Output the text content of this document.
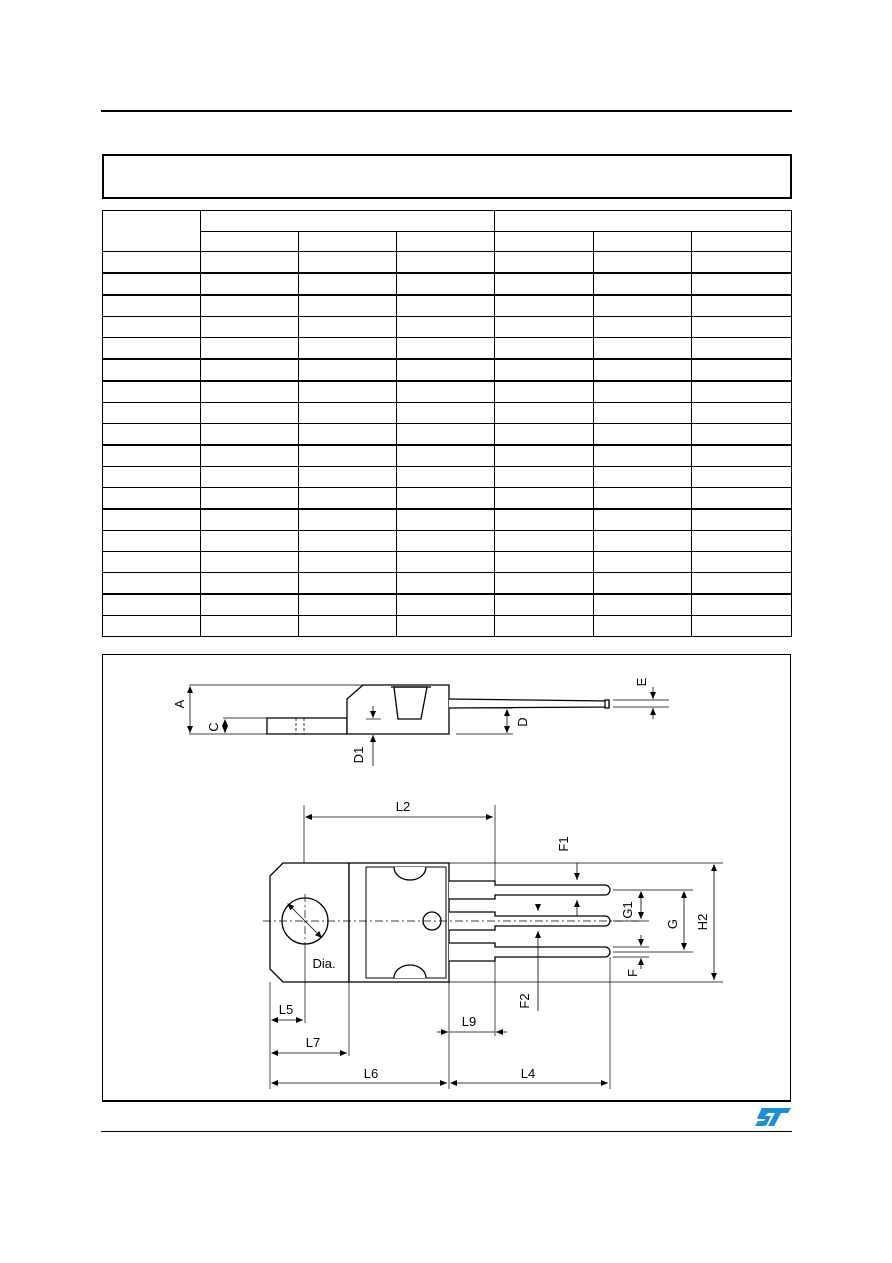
A
C
D
D1
E
L2
F1
G1
G H2
F
F2
Dia.
L5
L9
L7
L6	L4
